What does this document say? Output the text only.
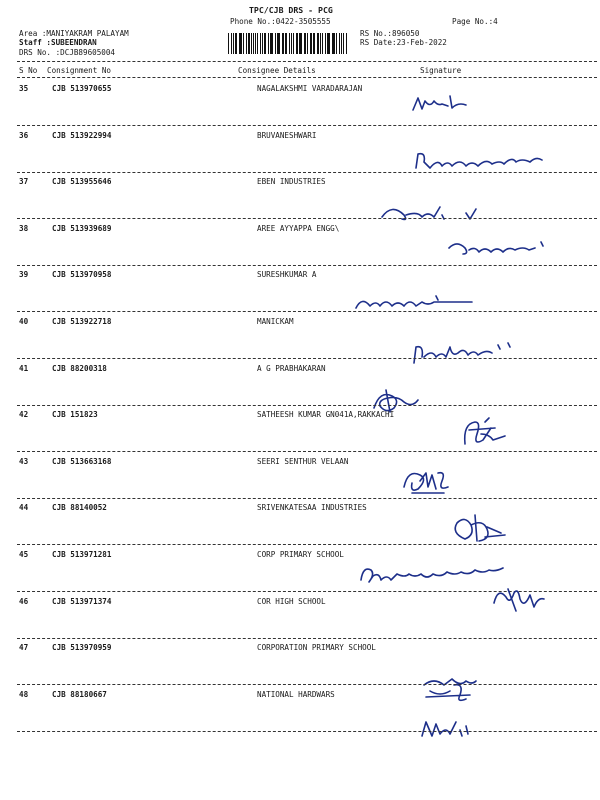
TPC/CJB DRS - PCG
Phone No.:0422-3505555	Page No.:4
Area :MANIYAKRAM PALAYAM
Staff :SUBEENDRAN
DRS No. :DCJB89605004
RS No.:896050
RS Date:23-Feb-2022
S No Consignment No	Consignee Details	Signature
35	CJB 513970655	NAGALAKSHMI VARADARAJAN
36	CJB 513922994	BRUVANESHWARI
37	CJB 513955646	EBEN INDUSTRIES
38	CJB 513939689	AREE AYYAPPA ENGG\
39	CJB 513970958	SURESHKUMAR A
40	CJB 513922718	MANICKAM
41	CJB 88200318	A G PRABHAKARAN
42	CJB 151823	SATHEESH KUMAR GN041A,RAKKACHI
43	CJB 513663168	SEERI SENTHUR VELAAN
44	CJB 88140052	SRIVENKATESAA INDUSTRIES
45	CJB 513971281	CORP PRIMARY SCHOOL
46	CJB 513971374	COR HIGH SCHOOL
47	CJB 513970959	CORPORATION PRIMARY SCHOOL
48	CJB 88180667	NATIONAL HARDWARS
